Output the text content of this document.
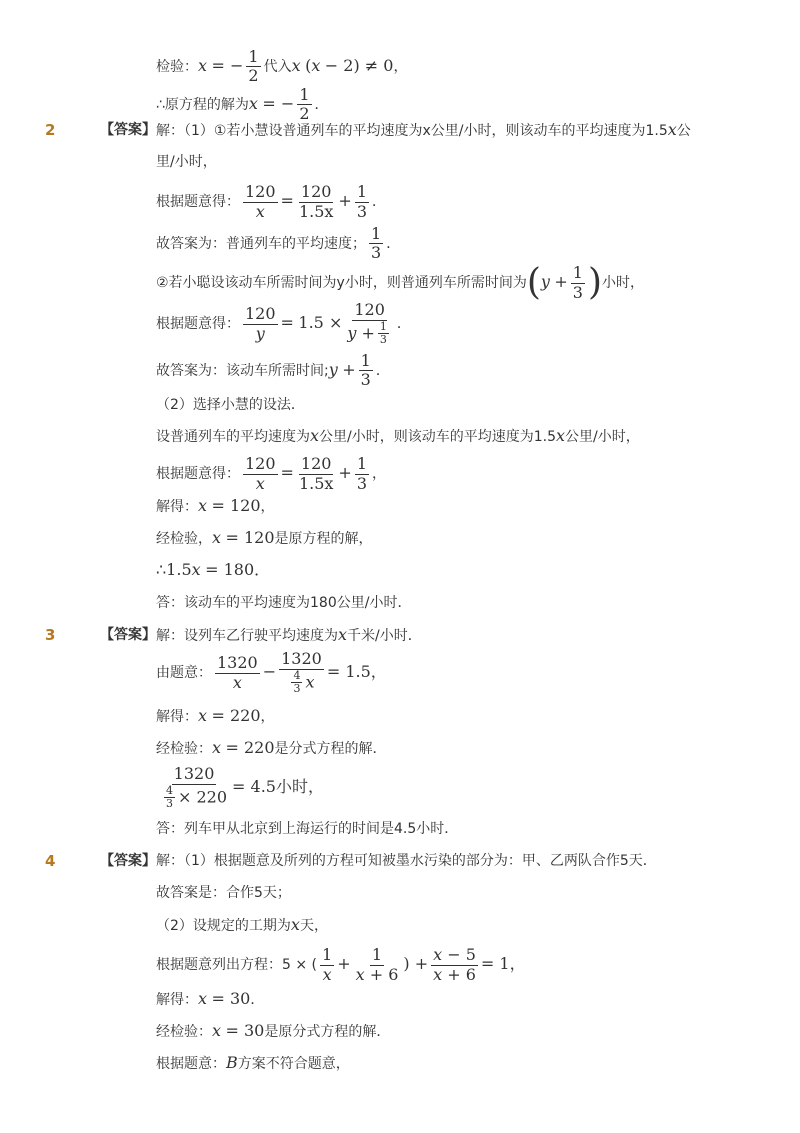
检验：x = − $\frac{1}{2}$ 代入x (x − 2) ≠ 0，
∴原方程的解为x = − $\frac{1}{2}$ ．
2	【答案】 解：（1）①若小慧设普通列车的平均速度为x公里/小时，则该动车的平均速度为1.5x公
里/小时，
根据题意得： $\frac{120}{x} = \frac{120}{1.5x} + \frac{1}{3}$ ．
故答案为：普通列车的平均速度； $\frac{1}{3}$ ．
②若小聪设该动车所需时间为y小时，则普通列车所需时间为($y + \frac{1}{3}$ )小时，
根据题意得： $\frac{120}{y} = 1.5 \times \frac{120}{y + \frac{1}{3}}$ ．
故答案为：该动车所需时间;y + $\frac{1}{3}$ ．
（2）选择小慧的设法．
设普通列车的平均速度为x公里/小时，则该动车的平均速度为1.5x公里/小时，
根据题意得： $\frac{120}{x} = \frac{120}{1.5x} + \frac{1}{3}$ ，
解得：x = 120，
经检验，x = 120是原方程的解，
∴1.5x = 180．
答：该动车的平均速度为180公里/小时．
3	【答案】 解：设列车乙行驶平均速度为x千米/小时．
由题意： $\frac{1320}{x} - \frac{1320}{\frac{4}{3} x} = 1.5$，
解得：x = 220，
经检验：x = 220是分式方程的解．
$\frac{1320}{\frac{4}{3} \times 220} = 4.5$小时，
答：列车甲从北京到上海运行的时间是4.5小时．
4	【答案】 解：（1）根据题意及所列的方程可知被墨水污染的部分为：甲、乙两队合作5天．
故答案是：合作5天；
（2）设规定的工期为x天，
根据题意列出方程：5 × ( $\frac{1}{x} + \frac{1}{x + 6}$ ) + $\frac{x - 5}{x + 6} = 1$，
解得：x = 30．
经检验：x = 30是原分式方程的解．
根据题意：B方案不符合题意，
